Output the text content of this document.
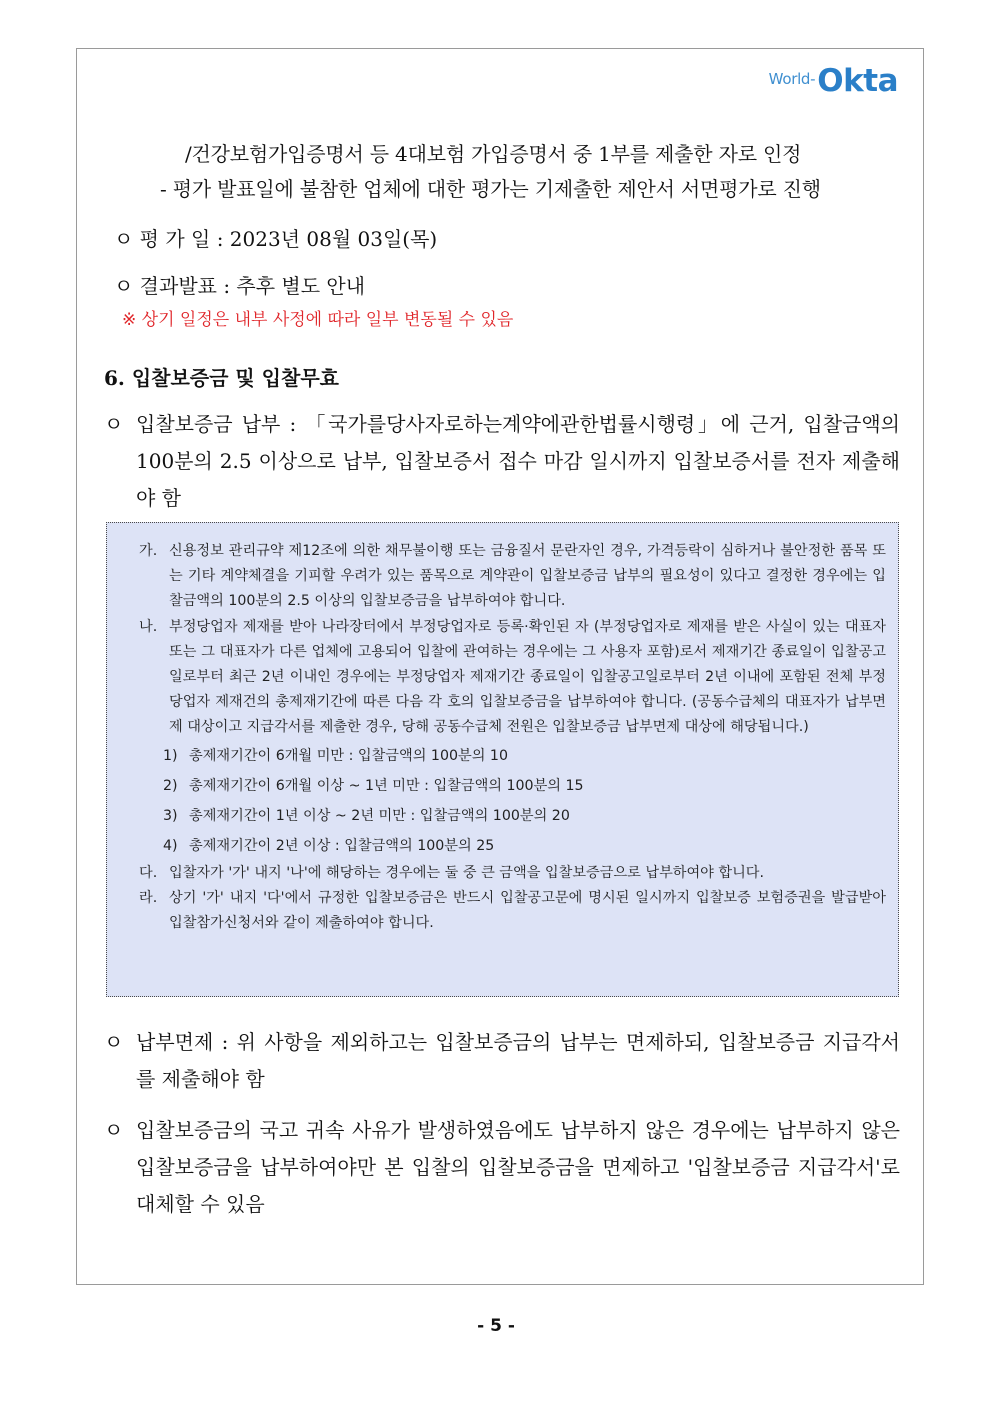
World- Okta
/건강보험가입증명서 등 4대보험 가입증명서 중 1부를 제출한 자로 인정
- 평가 발표일에 불참한 업체에 대한 평가는 기제출한 제안서 서면평가로 진행
ㅇ 평 가 일 : 2023년 08월 03일(목)
ㅇ 결과발표 : 추후 별도 안내
※ 상기 일정은 내부 사정에 따라 일부 변동될 수 있음
6. 입찰보증금 및 입찰무효
ㅇ 입찰보증금 납부 : 「국가를당사자로하는계약에관한법률시행령」에 근거, 입찰금액의 100분의 2.5 이상으로 납부, 입찰보증서 접수 마감 일시까지 입찰보증서를 전자 제출해야 함
가. 신용정보 관리규약 제12조에 의한 채무불이행 또는 금융질서 문란자인 경우, 가격등락이 심하거나 불안정한 품목 또는 기타 계약체결을 기피할 우려가 있는 품목으로 계약관이 입찰보증금 납부의 필요성이 있다고 결정한 경우에는 입찰금액의 100분의 2.5 이상의 입찰보증금을 납부하여야 합니다.
나. 부정당업자 제재를 받아 나라장터에서 부정당업자로 등록·확인된 자 (부정당업자로 제재를 받은 사실이 있는 대표자 또는 그 대표자가 다른 업체에 고용되어 입찰에 관여하는 경우에는 그 사용자 포함)로서 제재기간 종료일이 입찰공고일로부터 최근 2년 이내인 경우에는 부정당업자 제재기간 종료일이 입찰공고일로부터 2년 이내에 포함된 전체 부정당업자 제재건의 총제재기간에 따른 다음 각 호의 입찰보증금을 납부하여야 합니다. (공동수급체의 대표자가 납부면제 대상이고 지급각서를 제출한 경우, 당해 공동수급체 전원은 입찰보증금 납부면제 대상에 해당됩니다.)
1) 총제재기간이 6개월 미만 : 입찰금액의 100분의 10
2) 총제재기간이 6개월 이상 ~ 1년 미만 : 입찰금액의 100분의 15
3) 총제재기간이 1년 이상 ~ 2년 미만 : 입찰금액의 100분의 20
4) 총제재기간이 2년 이상 : 입찰금액의 100분의 25
다. 입찰자가 '가' 내지 '나'에 해당하는 경우에는 둘 중 큰 금액을 입찰보증금으로 납부하여야 합니다.
라. 상기 '가' 내지 '다'에서 규정한 입찰보증금은 반드시 입찰공고문에 명시된 일시까지 입찰보증 보험증권을 발급받아 입찰참가신청서와 같이 제출하여야 합니다.
ㅇ 납부면제 : 위 사항을 제외하고는 입찰보증금의 납부는 면제하되, 입찰보증금 지급각서를 제출해야 함
ㅇ 입찰보증금의 국고 귀속 사유가 발생하였음에도 납부하지 않은 경우에는 납부하지 않은 입찰보증금을 납부하여야만 본 입찰의 입찰보증금을 면제하고 '입찰보증금 지급각서'로 대체할 수 있음
- 5 -
